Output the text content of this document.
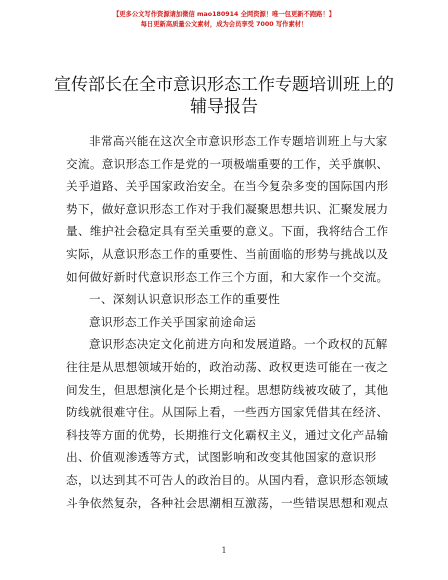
【更多公文写作资源请加微信 mao180914 全网资源！唯一包更新不跑路！】
每日更新高质量公文素材，成为会员享受 7000 写作素材！
宣传部长在全市意识形态工作专题培训班上的
辅导报告
非常高兴能在这次全市意识形态工作专题培训班上与大家
交流。意识形态工作是党的一项极端重要的工作，关乎旗帜、
关乎道路、关乎国家政治安全。在当今复杂多变的国际国内形
势下，做好意识形态工作对于我们凝聚思想共识、汇聚发展力
量、维护社会稳定具有至关重要的意义。下面，我将结合工作
实际，从意识形态工作的重要性、当前面临的形势与挑战以及
如何做好新时代意识形态工作三个方面，和大家作一个交流。
一、深刻认识意识形态工作的重要性
意识形态工作关乎国家前途命运
意识形态决定文化前进方向和发展道路。一个政权的瓦解
往往是从思想领域开始的，政治动荡、政权更迭可能在一夜之
间发生，但思想演化是个长期过程。思想防线被攻破了，其他
防线就很难守住。从国际上看，一些西方国家凭借其在经济、
科技等方面的优势，长期推行文化霸权主义，通过文化产品输
出、价值观渗透等方式，试图影响和改变其他国家的意识形
态，以达到其不可告人的政治目的。从国内看，意识形态领域
斗争依然复杂，各种社会思潮相互激荡，一些错误思想和观点
1
